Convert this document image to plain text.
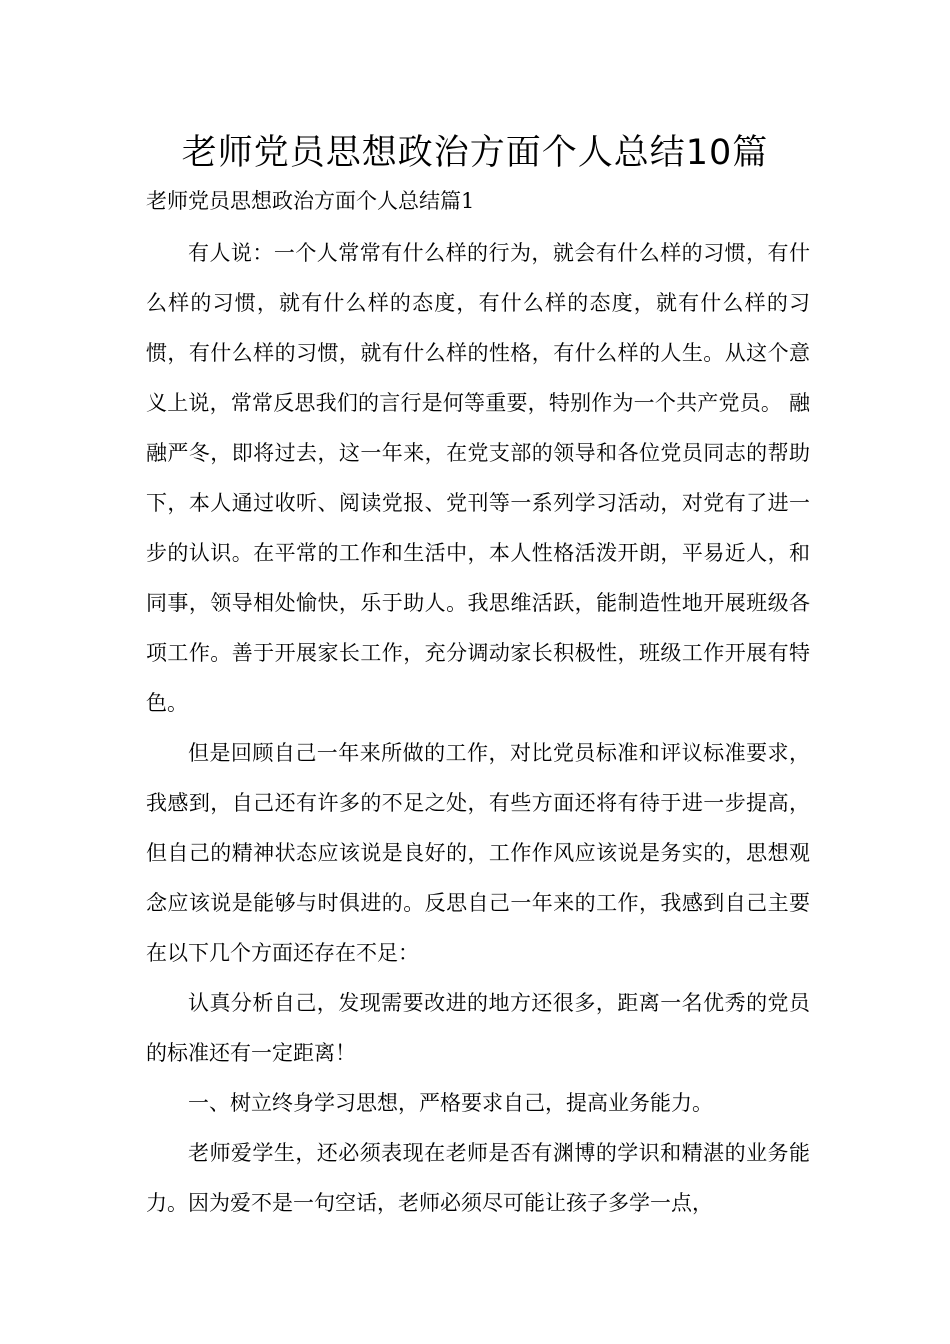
老师党员思想政治方面个人总结10篇
老师党员思想政治方面个人总结篇1

有人说：一个人常常有什么样的行为，就会有什么样的习惯，有什么样的习惯，就有什么样的态度，有什么样的态度，就有什么样的习惯，有什么样的习惯，就有什么样的性格，有什么样的人生。从这个意义上说，常常反思我们的言行是何等重要，特别作为一个共产党员。 融融严冬，即将过去，这一年来，在党支部的领导和各位党员同志的帮助下，本人通过收听、阅读党报、党刊等一系列学习活动，对党有了进一步的认识。在平常的工作和生活中，本人性格活泼开朗，平易近人，和同事，领导相处愉快，乐于助人。我思维活跃，能制造性地开展班级各项工作。善于开展家长工作，充分调动家长积极性，班级工作开展有特色。

但是回顾自己一年来所做的工作，对比党员标准和评议标准要求，我感到，自己还有许多的不足之处，有些方面还将有待于进一步提高，但自己的精神状态应该说是良好的，工作作风应该说是务实的，思想观念应该说是能够与时俱进的。反思自己一年来的工作，我感到自己主要在以下几个方面还存在不足：

认真分析自己，发现需要改进的地方还很多，距离一名优秀的党员的标准还有一定距离！

一、树立终身学习思想，严格要求自己，提高业务能力。

老师爱学生，还必须表现在老师是否有渊博的学识和精湛的业务能力。因为爱不是一句空话，老师必须尽可能让孩子多学一点，
